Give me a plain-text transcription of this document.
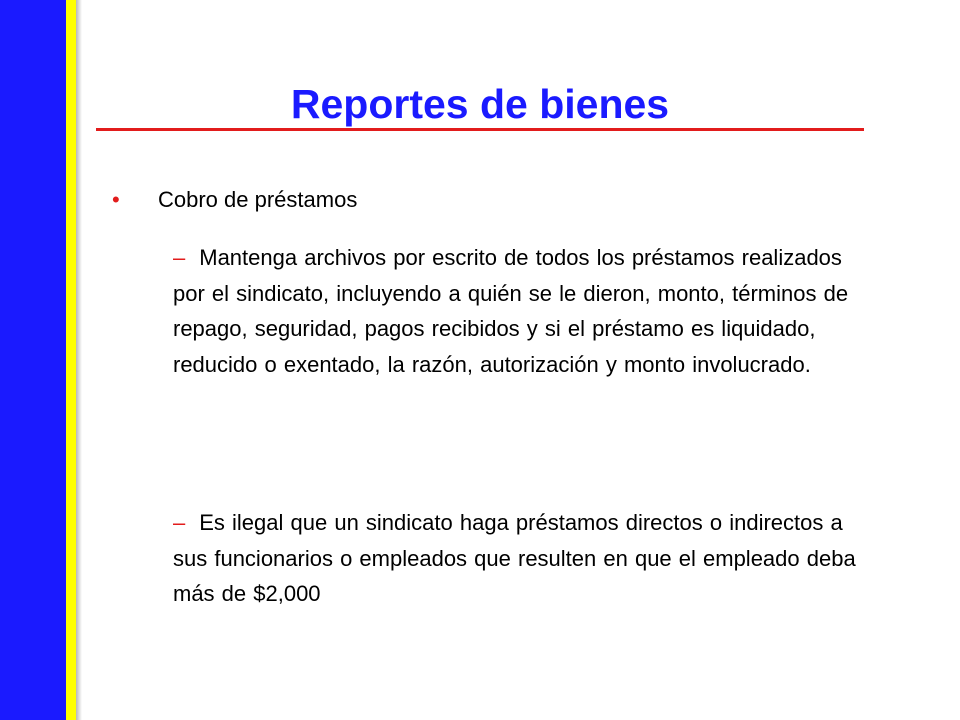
Reportes de bienes
• Cobro de préstamos
– Mantenga archivos por escrito de todos los préstamos realizados por el sindicato, incluyendo a quién se le dieron, monto, términos de repago, seguridad, pagos recibidos y si el préstamo es liquidado, reducido o exentado, la razón, autorización y monto involucrado.
– Es ilegal que un sindicato haga préstamos directos o indirectos a sus funcionarios o empleados que resulten en que el empleado deba más de $2,000
